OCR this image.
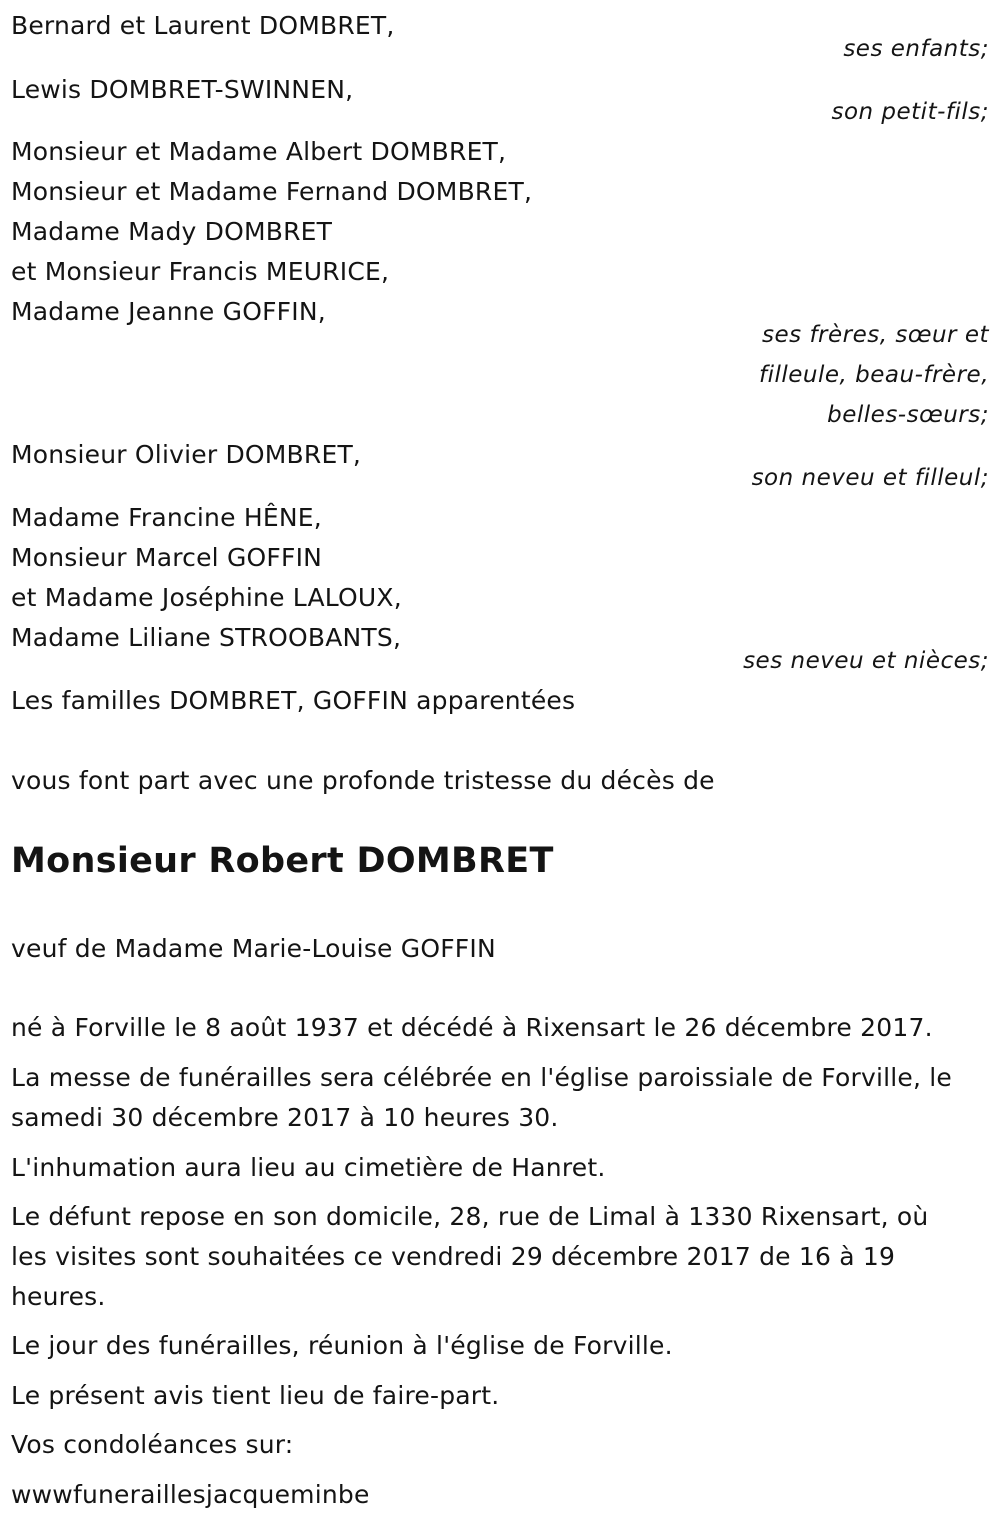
Bernard et Laurent DOMBRET,
ses enfants;
Lewis DOMBRET-SWINNEN,
son petit-fils;
Monsieur et Madame Albert DOMBRET,
Monsieur et Madame Fernand DOMBRET,
Madame Mady DOMBRET
et Monsieur Francis MEURICE,
Madame Jeanne GOFFIN,
ses frères, sœur et
filleule, beau-frère,
belles-sœurs;
Monsieur Olivier DOMBRET,
son neveu et filleul;
Madame Francine HÊNE,
Monsieur Marcel GOFFIN
et Madame Joséphine LALOUX,
Madame Liliane STROOBANTS,
ses neveu et nièces;
Les familles DOMBRET, GOFFIN apparentées
vous font part avec une profonde tristesse du décès de
Monsieur Robert DOMBRET
veuf de Madame Marie-Louise GOFFIN
né à Forville le 8 août 1937 et décédé à Rixensart le 26 décembre 2017.
La messe de funérailles sera célébrée en l'église paroissiale de Forville, le samedi 30 décembre 2017 à 10 heures 30.
L'inhumation aura lieu au cimetière de Hanret.
Le défunt repose en son domicile, 28, rue de Limal à 1330 Rixensart, où les visites sont souhaitées ce vendredi 29 décembre 2017 de 16 à 19 heures.
Le jour des funérailles, réunion à l'église de Forville.
Le présent avis tient lieu de faire-part.
Vos condoléances sur:
wwwfuneraillesjacqueminbe
